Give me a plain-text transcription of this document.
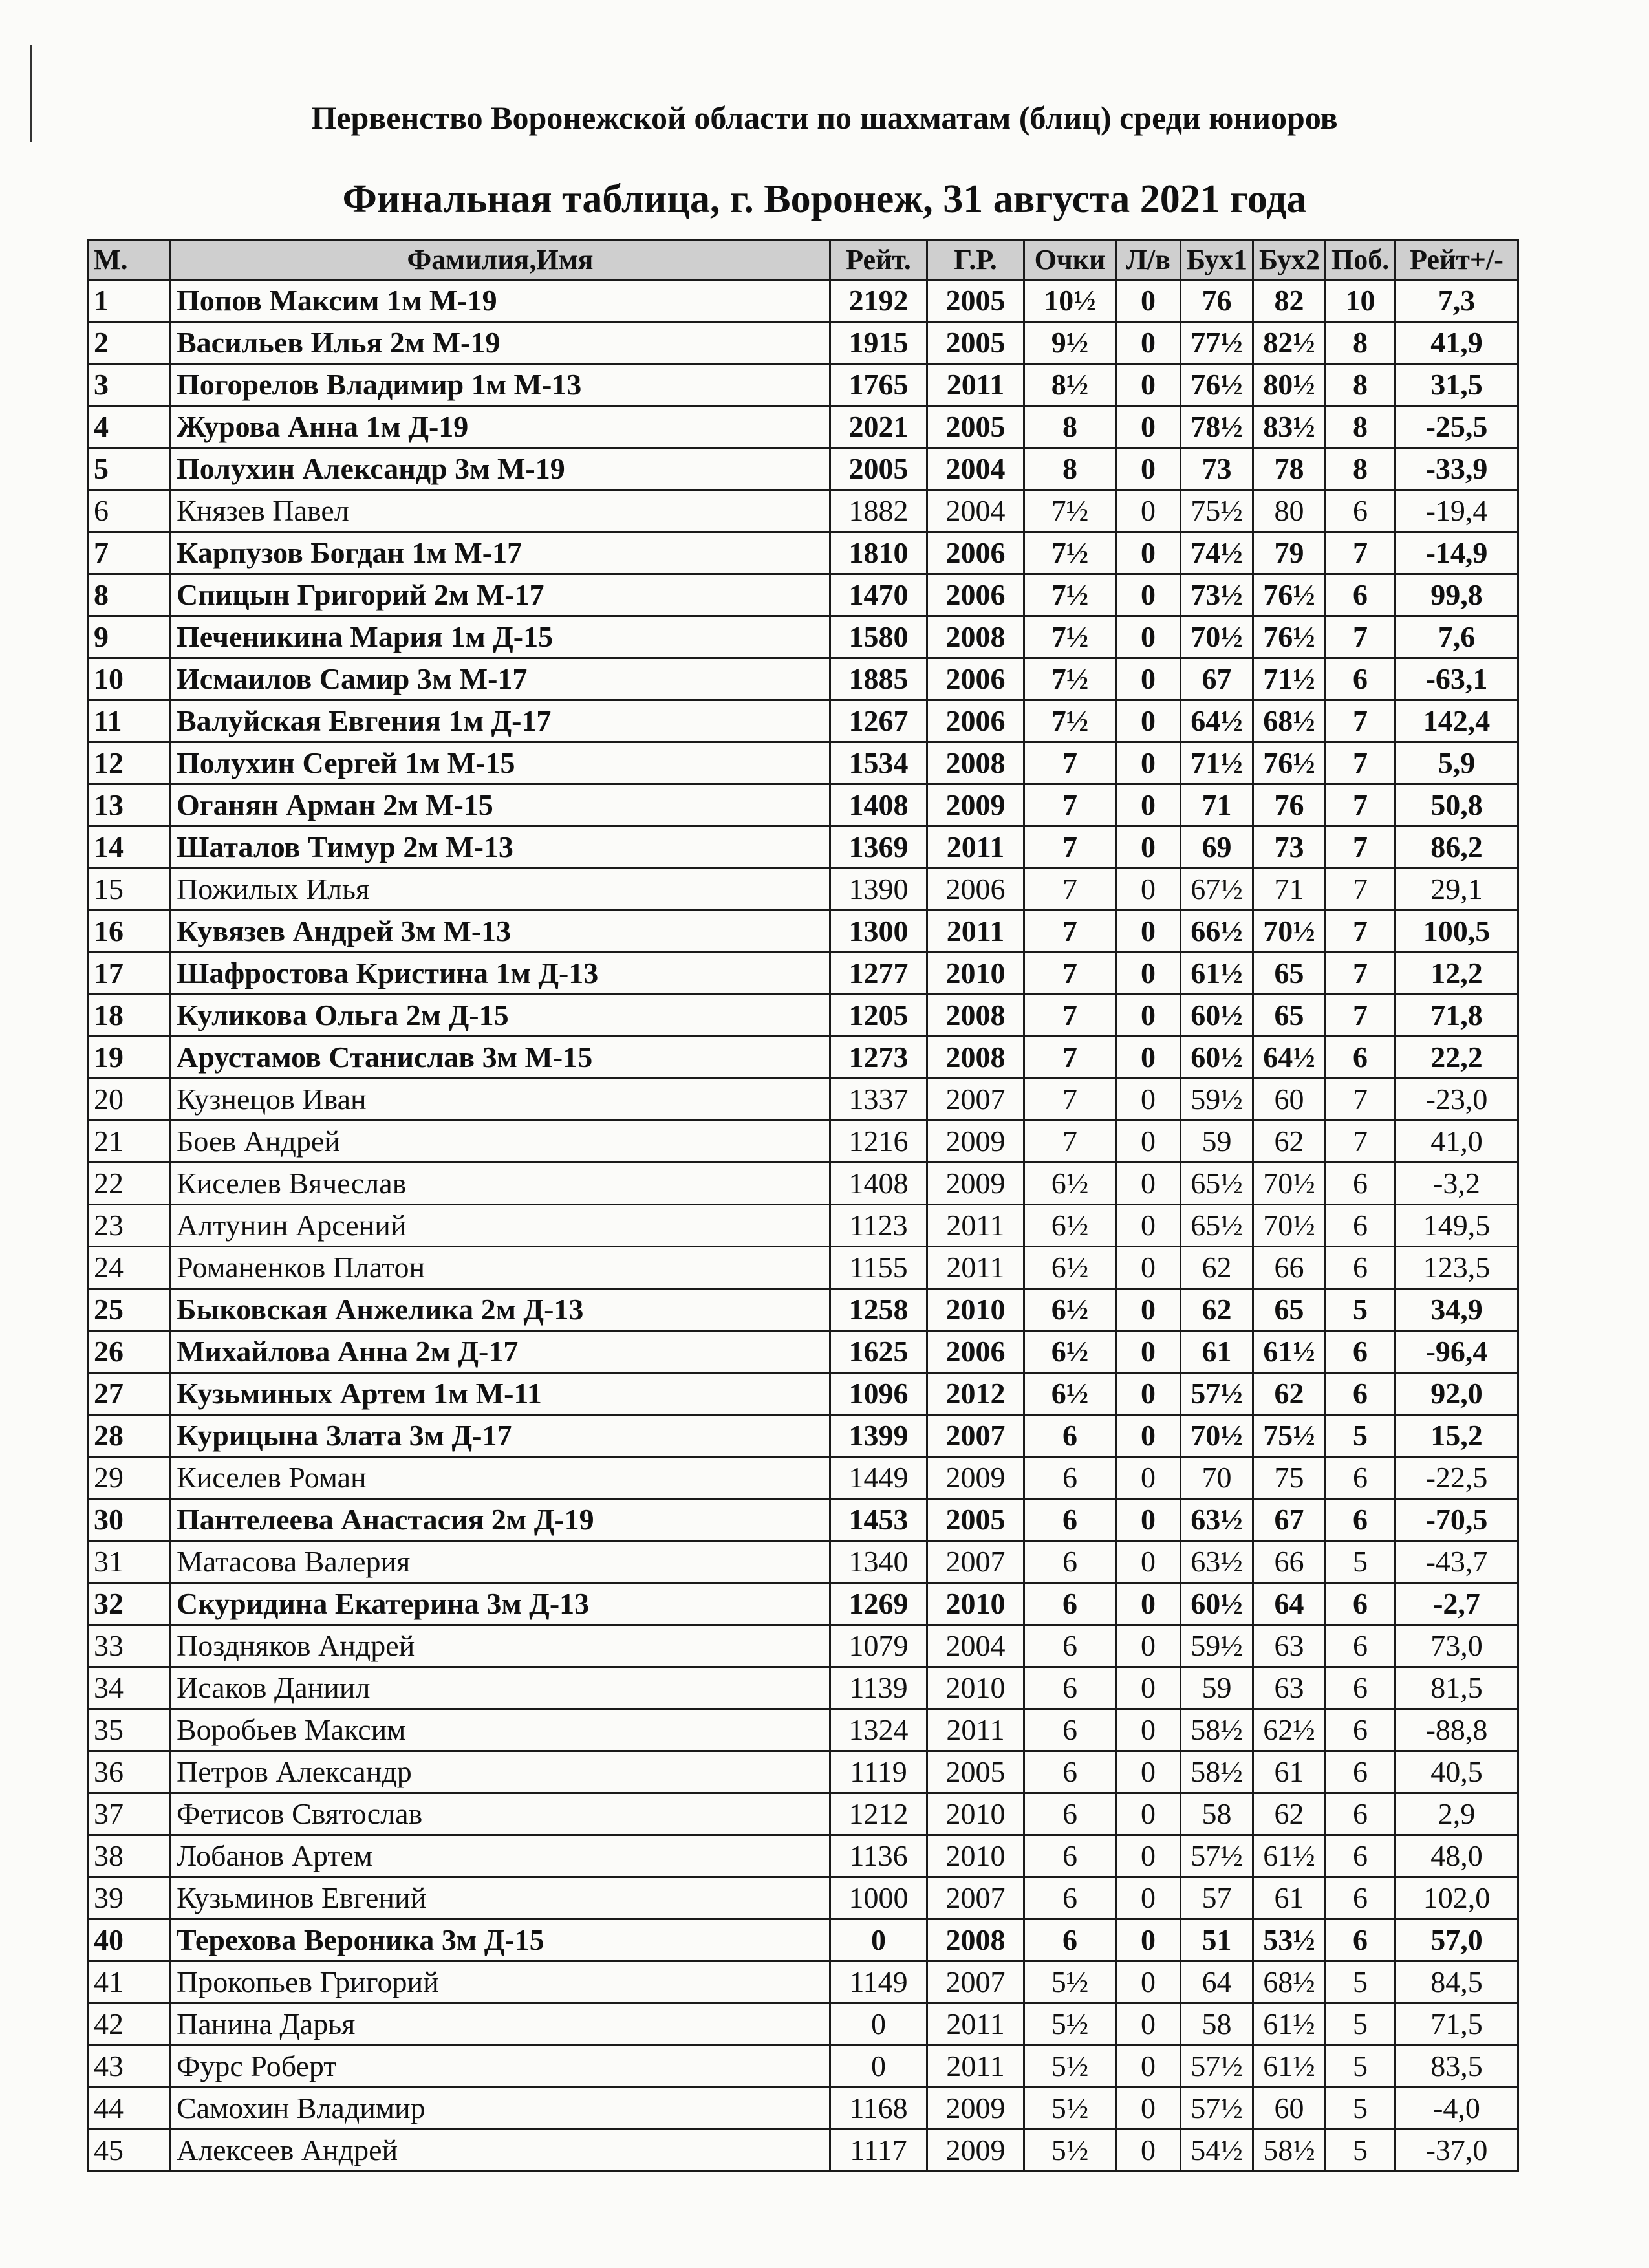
Первенство Воронежской области по шахматам (блиц) среди юниоров
Финальная таблица, г. Воронеж, 31 августа 2021 года
М.	Фамилия,Имя	Рейт.	Г.Р.	Очки	Л/в	Бух1	Бух2	Поб.	Рейт+/-
1	Попов Максим 1м М-19	2192	2005	10½	0	76	82	10	7,3
2	Васильев Илья 2м М-19	1915	2005	9½	0	77½	82½	8	41,9
3	Погорелов Владимир 1м М-13	1765	2011	8½	0	76½	80½	8	31,5
4	Журова Анна 1м Д-19	2021	2005	8	0	78½	83½	8	-25,5
5	Полухин Александр 3м М-19	2005	2004	8	0	73	78	8	-33,9
6	Князев Павел	1882	2004	7½	0	75½	80	6	-19,4
7	Карпузов Богдан 1м М-17	1810	2006	7½	0	74½	79	7	-14,9
8	Спицын Григорий 2м М-17	1470	2006	7½	0	73½	76½	6	99,8
9	Печеникина Мария 1м Д-15	1580	2008	7½	0	70½	76½	7	7,6
10	Исмаилов Самир 3м М-17	1885	2006	7½	0	67	71½	6	-63,1
11	Валуйская Евгения 1м Д-17	1267	2006	7½	0	64½	68½	7	142,4
12	Полухин Сергей 1м М-15	1534	2008	7	0	71½	76½	7	5,9
13	Оганян Арман 2м М-15	1408	2009	7	0	71	76	7	50,8
14	Шаталов Тимур 2м М-13	1369	2011	7	0	69	73	7	86,2
15	Пожилых Илья	1390	2006	7	0	67½	71	7	29,1
16	Кувязев Андрей 3м М-13	1300	2011	7	0	66½	70½	7	100,5
17	Шафростова Кристина 1м Д-13	1277	2010	7	0	61½	65	7	12,2
18	Куликова Ольга 2м Д-15	1205	2008	7	0	60½	65	7	71,8
19	Арустамов Станислав 3м М-15	1273	2008	7	0	60½	64½	6	22,2
20	Кузнецов Иван	1337	2007	7	0	59½	60	7	-23,0
21	Боев Андрей	1216	2009	7	0	59	62	7	41,0
22	Киселев Вячеслав	1408	2009	6½	0	65½	70½	6	-3,2
23	Алтунин Арсений	1123	2011	6½	0	65½	70½	6	149,5
24	Романенков Платон	1155	2011	6½	0	62	66	6	123,5
25	Быковская Анжелика 2м Д-13	1258	2010	6½	0	62	65	5	34,9
26	Михайлова Анна 2м Д-17	1625	2006	6½	0	61	61½	6	-96,4
27	Кузьминых Артем 1м М-11	1096	2012	6½	0	57½	62	6	92,0
28	Курицына Злата 3м Д-17	1399	2007	6	0	70½	75½	5	15,2
29	Киселев Роман	1449	2009	6	0	70	75	6	-22,5
30	Пантелеева Анастасия 2м Д-19	1453	2005	6	0	63½	67	6	-70,5
31	Матасова Валерия	1340	2007	6	0	63½	66	5	-43,7
32	Скуридина Екатерина 3м Д-13	1269	2010	6	0	60½	64	6	-2,7
33	Поздняков Андрей	1079	2004	6	0	59½	63	6	73,0
34	Исаков Даниил	1139	2010	6	0	59	63	6	81,5
35	Воробьев Максим	1324	2011	6	0	58½	62½	6	-88,8
36	Петров Александр	1119	2005	6	0	58½	61	6	40,5
37	Фетисов Святослав	1212	2010	6	0	58	62	6	2,9
38	Лобанов Артем	1136	2010	6	0	57½	61½	6	48,0
39	Кузьминов Евгений	1000	2007	6	0	57	61	6	102,0
40	Терехова Вероника 3м Д-15	0	2008	6	0	51	53½	6	57,0
41	Прокопьев Григорий	1149	2007	5½	0	64	68½	5	84,5
42	Панина Дарья	0	2011	5½	0	58	61½	5	71,5
43	Фурс Роберт	0	2011	5½	0	57½	61½	5	83,5
44	Самохин Владимир	1168	2009	5½	0	57½	60	5	-4,0
45	Алексеев Андрей	1117	2009	5½	0	54½	58½	5	-37,0
